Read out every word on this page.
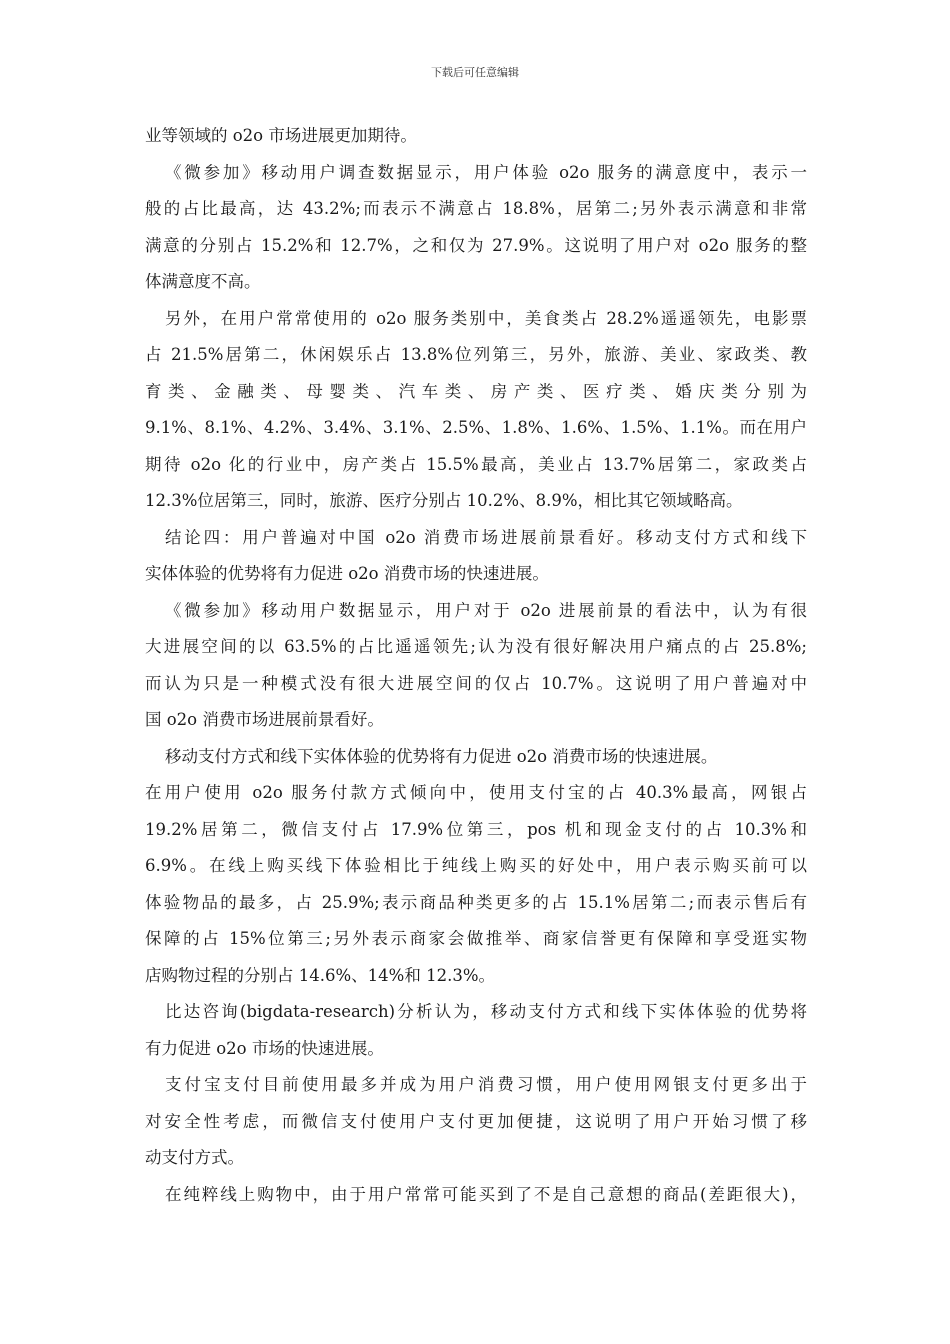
下载后可任意编辑
业等领域的 o2o 市场进展更加期待。
《微参加》移动用户调查数据显示，用户体验 o2o 服务的满意度中，表示一
般的占比最高，达 43.2%;而表示不满意占 18.8%，居第二;另外表示满意和非常
满意的分别占 15.2%和 12.7%，之和仅为 27.9%。这说明了用户对 o2o 服务的整
体满意度不高。
另外，在用户常常使用的 o2o 服务类别中，美食类占 28.2%遥遥领先，电影票
占 21.5%居第二，休闲娱乐占 13.8%位列第三，另外，旅游、美业、家政类、教
育类、金融类、母婴类、汽车类、房产类、医疗类、婚庆类分别为
9.1%、8.1%、4.2%、3.4%、3.1%、2.5%、1.8%、1.6%、1.5%、1.1%。而在用户
期待 o2o 化的行业中，房产类占 15.5%最高，美业占 13.7%居第二，家政类占
12.3%位居第三，同时，旅游、医疗分别占 10.2%、8.9%，相比其它领域略高。
结论四：用户普遍对中国 o2o 消费市场进展前景看好。移动支付方式和线下
实体体验的优势将有力促进 o2o 消费市场的快速进展。
《微参加》移动用户数据显示，用户对于 o2o 进展前景的看法中，认为有很
大进展空间的以 63.5%的占比遥遥领先;认为没有很好解决用户痛点的占 25.8%;
而认为只是一种模式没有很大进展空间的仅占 10.7%。这说明了用户普遍对中
国 o2o 消费市场进展前景看好。
移动支付方式和线下实体体验的优势将有力促进 o2o 消费市场的快速进展。
在用户使用 o2o 服务付款方式倾向中，使用支付宝的占 40.3%最高，网银占
19.2%居第二，微信支付占 17.9%位第三，pos 机和现金支付的占 10.3%和
6.9%。在线上购买线下体验相比于纯线上购买的好处中，用户表示购买前可以
体验物品的最多，占 25.9%;表示商品种类更多的占 15.1%居第二;而表示售后有
保障的占 15%位第三;另外表示商家会做推举、商家信誉更有保障和享受逛实物
店购物过程的分别占 14.6%、14%和 12.3%。
比达咨询(bigdata-research)分析认为，移动支付方式和线下实体体验的优势将
有力促进 o2o 市场的快速进展。
支付宝支付目前使用最多并成为用户消费习惯，用户使用网银支付更多出于
对安全性考虑，而微信支付使用户支付更加便捷，这说明了用户开始习惯了移
动支付方式。
在纯粹线上购物中，由于用户常常可能买到了不是自己意想的商品(差距很大)，
